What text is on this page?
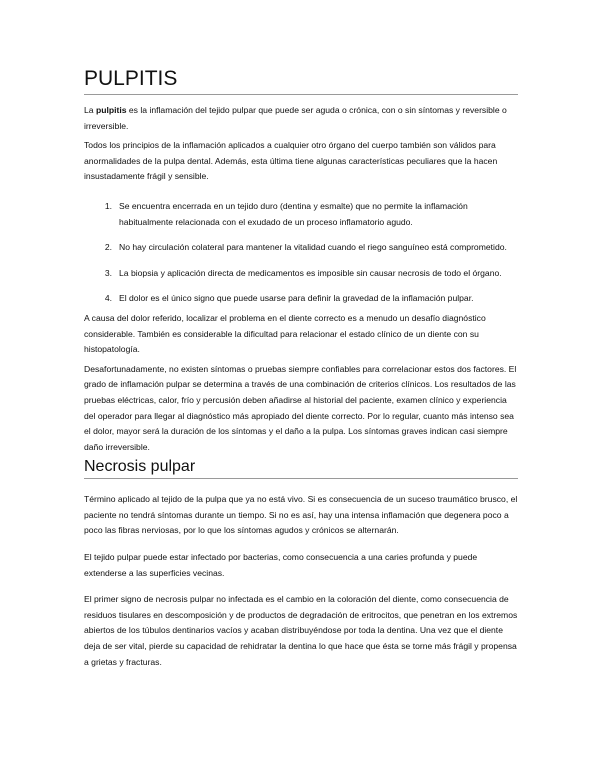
PULPITIS

La pulpitis es la inflamación del tejido pulpar que puede ser aguda o crónica, con o sin síntomas y reversible o irreversible.

Todos los principios de la inflamación aplicados a cualquier otro órgano del cuerpo también son válidos para anormalidades de la pulpa dental. Además, esta última tiene algunas características peculiares que la hacen insustadamente frágil y sensible.

1. Se encuentra encerrada en un tejido duro (dentina y esmalte) que no permite la inflamación habitualmente relacionada con el exudado de un proceso inflamatorio agudo.
2. No hay circulación colateral para mantener la vitalidad cuando el riego sanguíneo está comprometido.
3. La biopsia y aplicación directa de medicamentos es imposible sin causar necrosis de todo el órgano.
4. El dolor es el único signo que puede usarse para definir la gravedad de la inflamación pulpar.

A causa del dolor referido, localizar el problema en el diente correcto es a menudo un desafío diagnóstico considerable. También es considerable la dificultad para relacionar el estado clínico de un diente con su histopatología.

Desafortunadamente, no existen síntomas o pruebas siempre confiables para correlacionar estos dos factores. El grado de inflamación pulpar se determina a través de una combinación de criterios clínicos. Los resultados de las pruebas eléctricas, calor, frío y percusión deben añadirse al historial del paciente, examen clínico y experiencia del operador para llegar al diagnóstico más apropiado del diente correcto. Por lo regular, cuanto más intenso sea el dolor, mayor será la duración de los síntomas y el daño a la pulpa. Los síntomas graves indican casi siempre daño irreversible.

Necrosis pulpar

Término aplicado al tejido de la pulpa que ya no está vivo. Si es consecuencia de un suceso traumático brusco, el paciente no tendrá síntomas durante un tiempo. Si no es así, hay una intensa inflamación que degenera poco a poco las fibras nerviosas, por lo que los síntomas agudos y crónicos se alternarán.

El tejido pulpar puede estar infectado por bacterias, como consecuencia a una caries profunda y puede extenderse a las superficies vecinas.

El primer signo de necrosis pulpar no infectada es el cambio en la coloración del diente, como consecuencia de residuos tisulares en descomposición y de productos de degradación de eritrocitos, que penetran en los extremos abiertos de los túbulos dentinarios vacíos y acaban distribuyéndose por toda la dentina. Una vez que el diente deja de ser vital, pierde su capacidad de rehidratar la dentina lo que hace que ésta se torne más frágil y propensa a grietas y fracturas.
